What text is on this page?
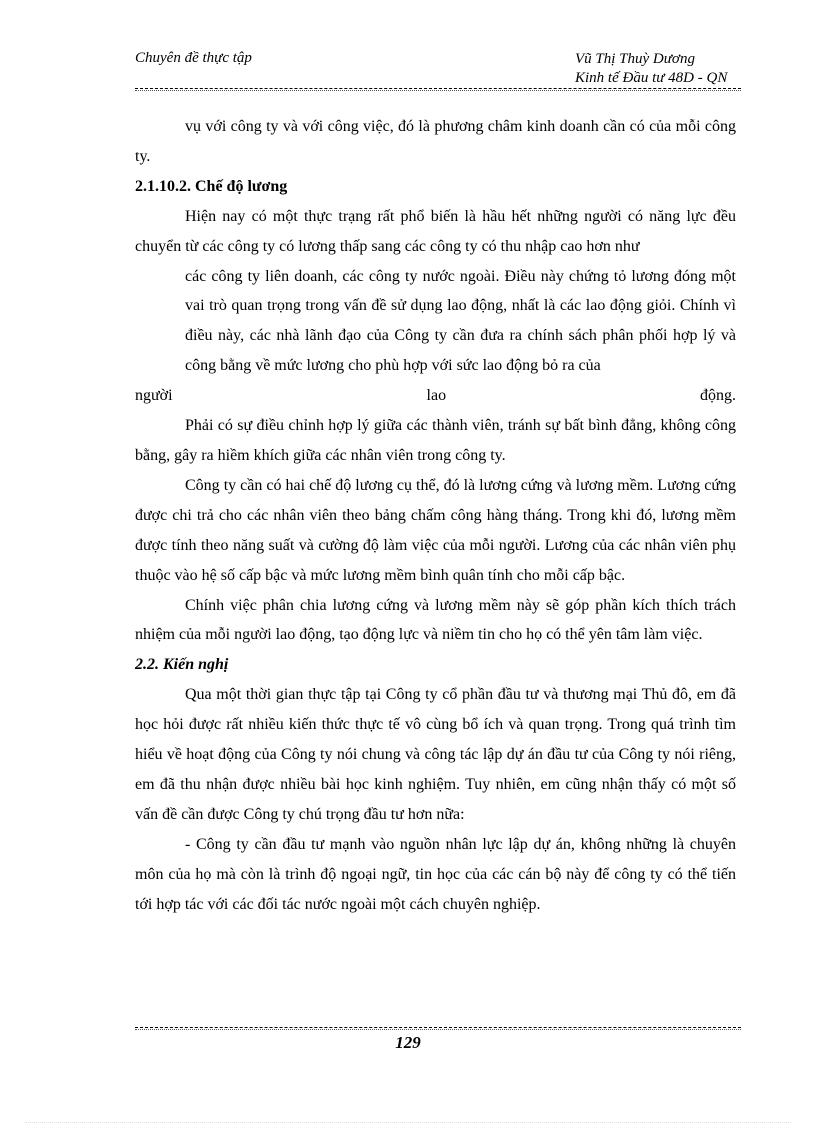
Chuyên đề thực tập	Vũ Thị Thuỳ Dương
Kinh tế Đầu tư 48D - QN

vụ với công ty và với công việc, đó là phương châm kinh doanh cần có của mỗi công ty.

2.1.10.2. Chế độ lương

Hiện nay có một thực trạng rất phổ biến là hầu hết những người có năng lực đều chuyển từ các công ty có lương thấp sang các công ty có thu nhập cao hơn như

các công ty liên doanh, các công ty nước ngoài. Điều này chứng tỏ lương đóng một vai trò quan trọng trong vấn đề sử dụng lao động, nhất là các lao động giỏi. Chính vì điều này, các nhà lãnh đạo của Công ty cần đưa ra chính sách phân phối hợp lý và công bằng về mức lương cho phù hợp với sức lao động bỏ ra của

người	lao	động.

Phải có sự điều chỉnh hợp lý giữa các thành viên, tránh sự bất bình đẳng, không công bằng, gây ra hiềm khích giữa các nhân viên trong công ty.

Công ty cần có hai chế độ lương cụ thể, đó là lương cứng và lương mềm. Lương cứng được chi trả cho các nhân viên theo bảng chấm công hàng tháng. Trong khi đó, lương mềm được tính theo năng suất và cường độ làm việc của mỗi người. Lương của các nhân viên phụ thuộc vào hệ số cấp bậc và mức lương mềm bình quân tính cho mỗi cấp bậc.

Chính việc phân chia lương cứng và lương mềm này sẽ góp phần kích thích trách nhiệm của mỗi người lao động, tạo động lực và niềm tin cho họ có thể yên tâm làm việc.

2.2. Kiến nghị

Qua một thời gian thực tập tại Công ty cổ phần đầu tư và thương mại Thủ đô, em đã học hỏi được rất nhiều kiến thức thực tế vô cùng bổ ích và quan trọng. Trong quá trình tìm hiểu về hoạt động của Công ty nói chung và công tác lập dự án đầu tư của Công ty nói riêng, em đã thu nhận được nhiều bài học kinh nghiệm. Tuy nhiên, em cũng nhận thấy có một số vấn đề cần được Công ty chú trọng đầu tư hơn nữa:

- Công ty cần đầu tư mạnh vào nguồn nhân lực lập dự án, không những là chuyên môn của họ mà còn là trình độ ngoại ngữ, tin học của các cán bộ này để công ty có thể tiến tới hợp tác với các đối tác nước ngoài một cách chuyên nghiệp.

129
